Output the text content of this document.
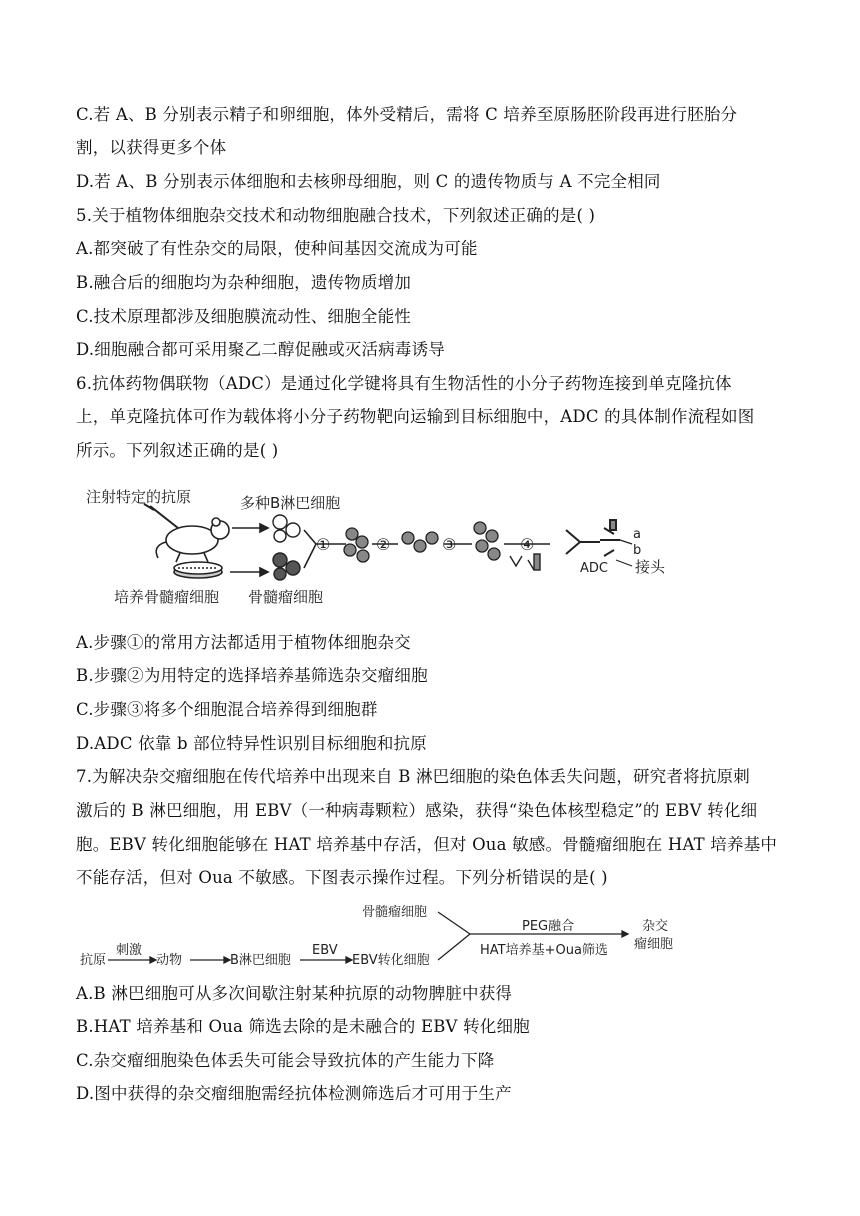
C.若 A、B 分别表示精子和卵细胞，体外受精后，需将 C 培养至原肠胚阶段再进行胚胎分
割，以获得更多个体
D.若 A、B 分别表示体细胞和去核卵母细胞，则 C 的遗传物质与 A 不完全相同
5.关于植物体细胞杂交技术和动物细胞融合技术，下列叙述正确的是( )
A.都突破了有性杂交的局限，使种间基因交流成为可能
B.融合后的细胞均为杂种细胞，遗传物质增加
C.技术原理都涉及细胞膜流动性、细胞全能性
D.细胞融合都可采用聚乙二醇促融或灭活病毒诱导
6.抗体药物偶联物（ADC）是通过化学键将具有生物活性的小分子药物连接到单克隆抗体
上，单克隆抗体可作为载体将小分子药物靶向运输到目标细胞中，ADC 的具体制作流程如图
所示。下列叙述正确的是( )
注射特定的抗原	多种B淋巴细胞
培养骨髓瘤细胞 骨髓瘤细胞
①	②	③	④
a
b
ADC 接头
A.步骤①的常用方法都适用于植物体细胞杂交
B.步骤②为用特定的选择培养基筛选杂交瘤细胞
C.步骤③将多个细胞混合培养得到细胞群
D.ADC 依靠 b 部位特异性识别目标细胞和抗原
7.为解决杂交瘤细胞在传代培养中出现来自 B 淋巴细胞的染色体丢失问题，研究者将抗原刺
激后的 B 淋巴细胞，用 EBV（一种病毒颗粒）感染，获得“染色体核型稳定”的 EBV 转化细
胞。EBV 转化细胞能够在 HAT 培养基中存活，但对 Oua 敏感。骨髓瘤细胞在 HAT 培养基中
不能存活，但对 Oua 不敏感。下图表示操作过程。下列分析错误的是( )
抗原
刺激
动物	B淋巴细胞
EBV
EBV转化细胞
骨髓瘤细胞
PEG融合
HAT培养基+Oua筛选
杂交
瘤细胞
A.B 淋巴细胞可从多次间歇注射某种抗原的动物脾脏中获得
B.HAT 培养基和 Oua 筛选去除的是未融合的 EBV 转化细胞
C.杂交瘤细胞染色体丢失可能会导致抗体的产生能力下降
D.图中获得的杂交瘤细胞需经抗体检测筛选后才可用于生产
